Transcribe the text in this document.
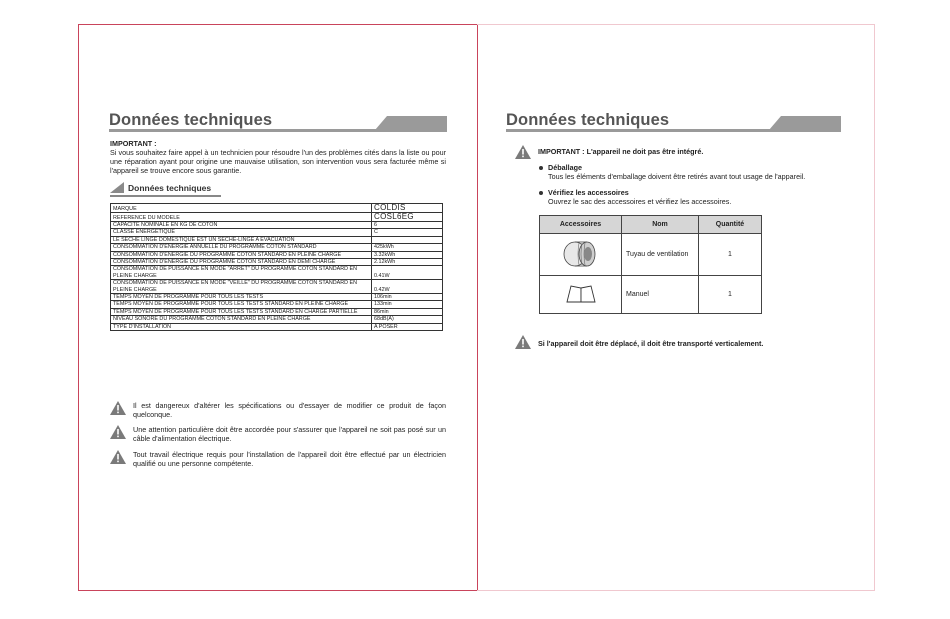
Données techniques
IMPORTANT :
Si vous souhaitez faire appel à un technicien pour résoudre l'un des problèmes cités dans la liste ou pour une réparation ayant pour origine une mauvaise utilisation, son intervention vous sera facturée même si l'appareil se trouve encore sous garantie.
Données techniques
MARQUE	COLDIS
REFERENCE DU MODELE	COSL6EG
CAPACITE NOMINALE EN KG DE COTON	6
CLASSE ENERGETIQUE	C
LE SECHE LINGE DOMESTIQUE EST UN SECHE-LINGE A EVACUATION	
CONSOMMATION D'ENERGIE ANNUELLE DU PROGRAMME COTON STANDARD	425kWh
CONSOMMATION D'ENERGIE DU PROGRAMME COTON STANDARD EN PLEINE CHARGE	3.32kWh
CONSOMMATION D'ENERGIE DU PROGRAMME COTON STANDARD EN DEMI CHARGE	2.12kWh
CONSOMMATION DE PUISSANCE EN MODE "ARRET" DU PROGRAMME COTON STANDARD EN PLEINE CHARGE	0.41W
CONSOMMATION DE PUISSANCE EN MODE "VEILLE" DU PROGRAMME COTON STANDARD EN PLEINE CHARGE	0.42W
TEMPS MOYEN DE PROGRAMME POUR TOUS LES TESTS	106min
TEMPS MOYEN DE PROGRAMME POUR TOUS LES TESTS STANDARD EN PLEINE CHARGE	133min
TEMPS MOYEN DE PROGRAMME POUR TOUS LES TESTS STANDARD EN CHARGE PARTIELLE	86min
NIVEAU SONORE DU PROGRAMME COTON STANDARD EN PLEINE CHARGE	68dB(A)
TYPE D'INSTALLATION	A POSER
Il est dangereux d'altérer les spécifications ou d'essayer de modifier ce produit de façon quelconque.
Une attention particulière doit être accordée pour s'assurer que l'appareil ne soit pas posé sur un câble d'alimentation électrique.
Tout travail électrique requis pour l'installation de l'appareil doit être effectué par un électricien qualifié ou une personne compétente.
Données techniques
IMPORTANT : L'appareil ne doit pas être intégré.
Déballage
Tous les éléments d'emballage doivent être retirés avant tout usage de l'appareil.
Vérifiez les accessoires
Ouvrez le sac des accessoires et vérifiez les accessoires.
Accessoires	Nom	Quantité
	Tuyau de ventilation	1
	Manuel	1
Si l'appareil doit être déplacé, il doit être transporté verticalement.
